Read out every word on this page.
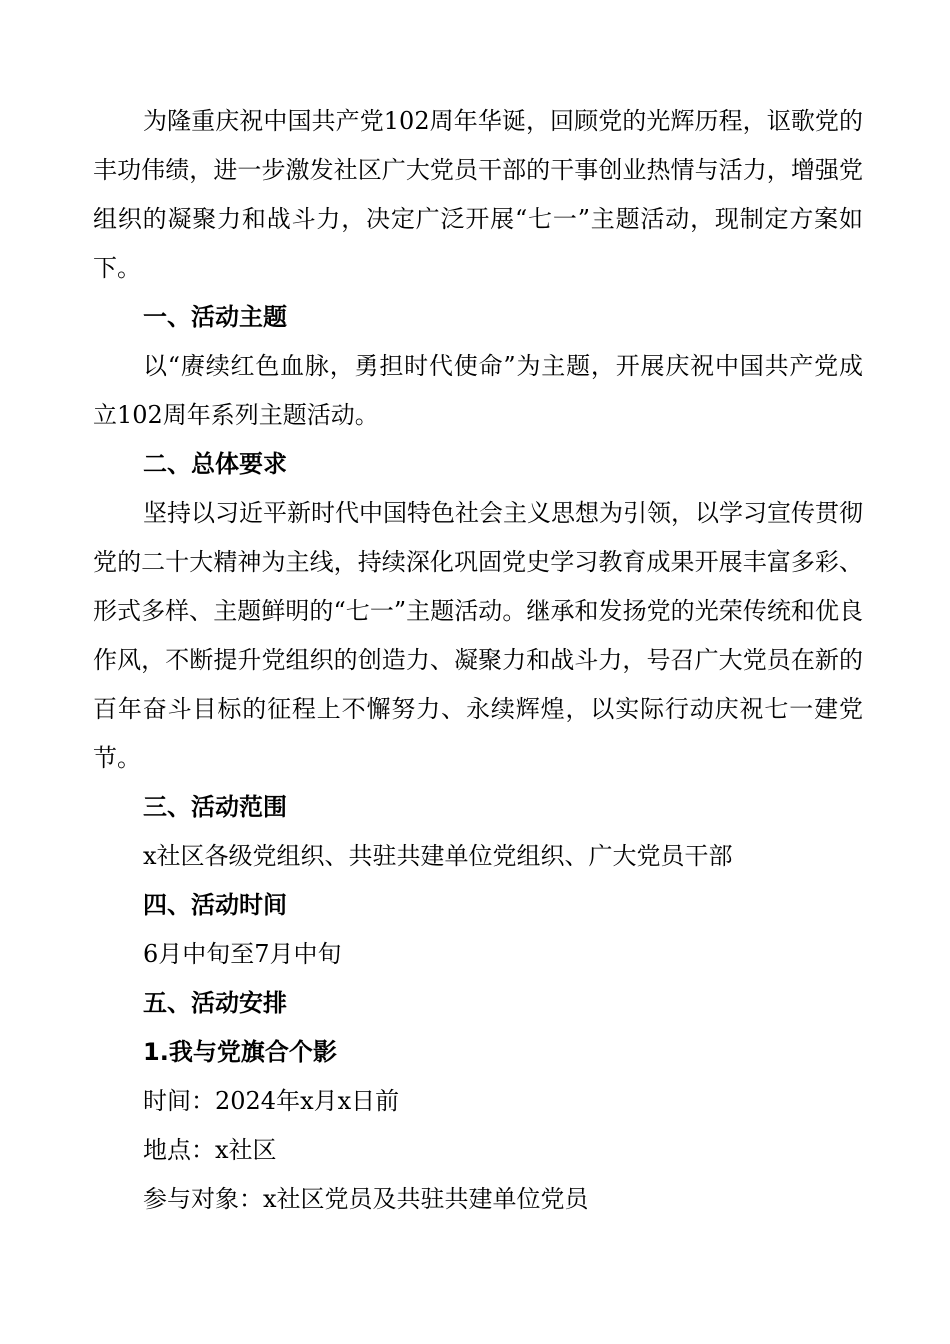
为隆重庆祝中国共产党102周年华诞，回顾党的光辉历程，讴歌党的丰功伟绩，进一步激发社区广大党员干部的干事创业热情与活力，增强党组织的凝聚力和战斗力，决定广泛开展“七一”主题活动，现制定方案如下。

一、活动主题

以“赓续红色血脉，勇担时代使命”为主题，开展庆祝中国共产党成立102周年系列主题活动。

二、总体要求

坚持以习近平新时代中国特色社会主义思想为引领，以学习宣传贯彻党的二十大精神为主线，持续深化巩固党史学习教育成果开展丰富多彩、形式多样、主题鲜明的“七一”主题活动。继承和发扬党的光荣传统和优良作风，不断提升党组织的创造力、凝聚力和战斗力，号召广大党员在新的百年奋斗目标的征程上不懈努力、永续辉煌，以实际行动庆祝七一建党节。

三、活动范围

x社区各级党组织、共驻共建单位党组织、广大党员干部

四、活动时间

6月中旬至7月中旬

五、活动安排

1.我与党旗合个影

时间：2024年x月x日前

地点：x社区

参与对象：x社区党员及共驻共建单位党员
